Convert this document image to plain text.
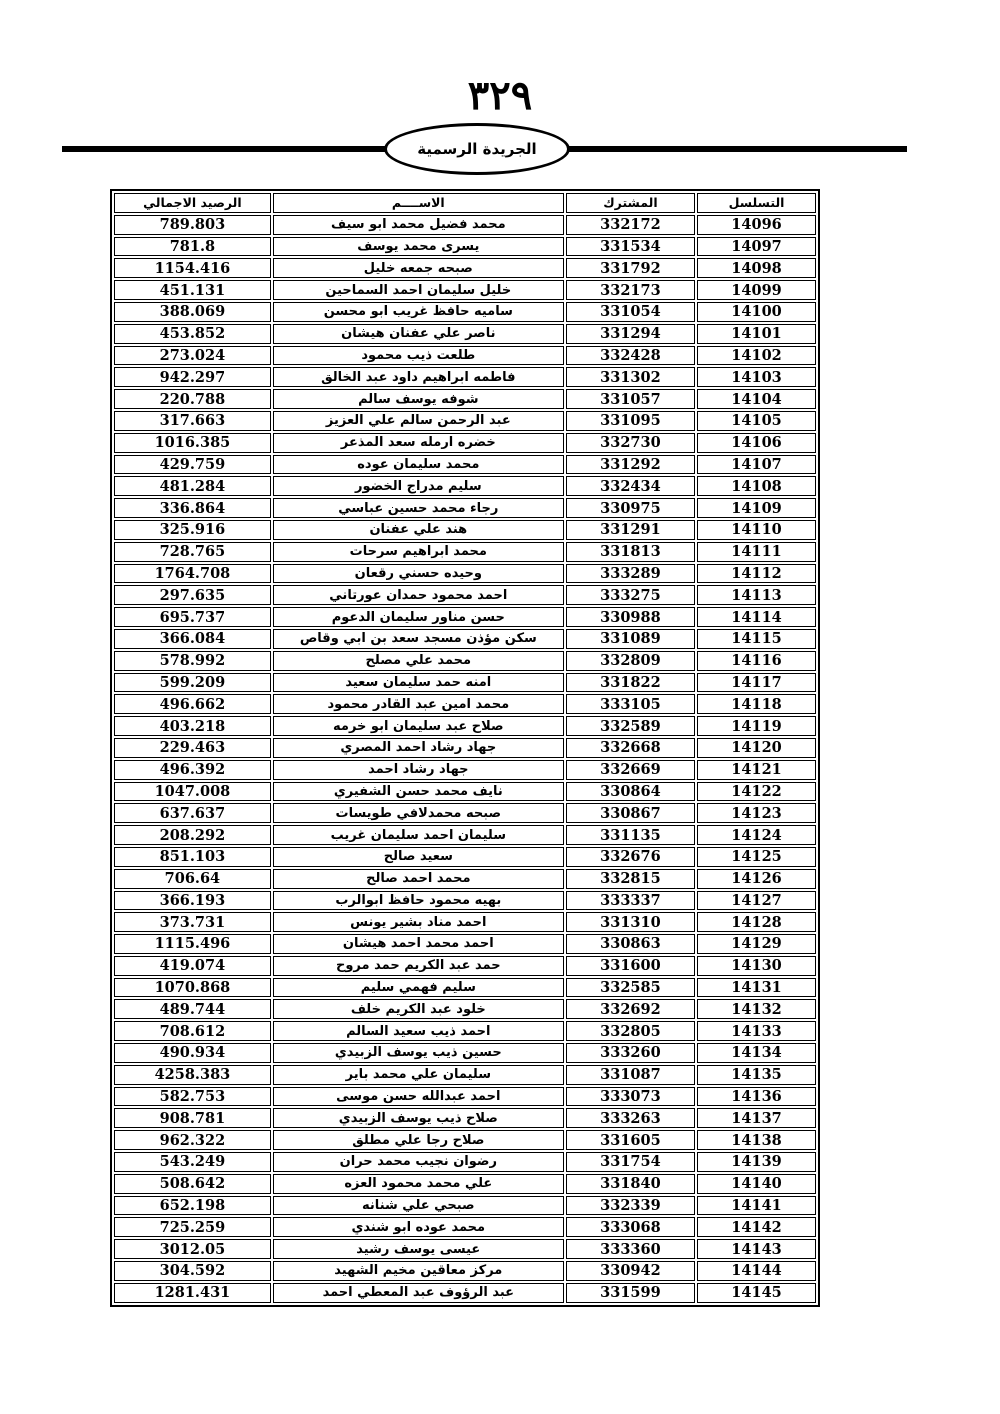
٣٢٩
الجريدة الرسمية
التسلسل	المشترك	الاســــم	الرصيد الاجمالي
14096	332172	محمد فضيل محمد ابو سيف	789.803
14097	331534	يسرى محمد يوسف	781.8
14098	331792	صبحه جمعه خليل	1154.416
14099	332173	خليل سليمان احمد السماحين	451.131
14100	331054	ساميه حافظ غريب ابو محسن	388.069
14101	331294	ناصر علي عفنان هيشان	453.852
14102	332428	طلعت ذيب محمود	273.024
14103	331302	فاطمه ابراهيم داود عبد الخالق	942.297
14104	331057	شوفه يوسف سالم	220.788
14105	331095	عبد الرحمن سالم علي العزيز	317.663
14106	332730	خضره ارمله سعد المذعر	1016.385
14107	331292	محمد سليمان عوده	429.759
14108	332434	سليم مدراج الخضور	481.284
14109	330975	رجاء محمد حسين عباسي	336.864
14110	331291	هند علي عفنان	325.916
14111	331813	محمد ابراهيم سرحات	728.765
14112	333289	وحيده حسني رقعان	1764.708
14113	333275	احمد محمود حمدان عورتاني	297.635
14114	330988	حسن مناور سليمان الدعوم	695.737
14115	331089	سكن مؤذن مسجد سعد بن ابي وقاص	366.084
14116	332809	محمد علي مصلح	578.992
14117	331822	امنه حمد سليمان سعيد	599.209
14118	333105	محمد امين عبد القادر محمود	496.662
14119	332589	صلاح عبد سليمان ابو خرمه	403.218
14120	332668	جهاد رشاد احمد المصري	229.463
14121	332669	جهاد رشاد احمد	496.392
14122	330864	نايف محمد حسن الشفيري	1047.008
14123	330867	صبحه محمدلافي طويسات	637.637
14124	331135	سليمان احمد سليمان غريب	208.292
14125	332676	سعيد صالح	851.103
14126	332815	محمد احمد صالح	706.64
14127	333337	بهيه محمود حافظ ابوالرب	366.193
14128	331310	احمد مناد بشير يونس	373.731
14129	330863	احمد محمد احمد هيشان	1115.496
14130	331600	حمد عبد الكريم حمد مروح	419.074
14131	332585	سليم فهمي سليم	1070.868
14132	332692	خلود عبد الكريم خلف	489.744
14133	332805	احمد ذيب سعيد السالم	708.612
14134	333260	حسين ذيب يوسف الزبيدي	490.934
14135	331087	سليمان علي محمد باير	4258.383
14136	333073	احمد عبدالله حسن موسى	582.753
14137	333263	صلاح ذيب يوسف الزبيدي	908.781
14138	331605	صلاح رجا علي مطلق	962.322
14139	331754	رضوان نجيب محمد حران	543.249
14140	331840	علي محمد محمود العزه	508.642
14141	332339	صبحي علي شنانه	652.198
14142	333068	محمد عوده ابو شندي	725.259
14143	333360	عيسى يوسف رشيد	3012.05
14144	330942	مركز معاقين مخيم الشهيد	304.592
14145	331599	عبد الرؤوف عبد المعطي احمد	1281.431
